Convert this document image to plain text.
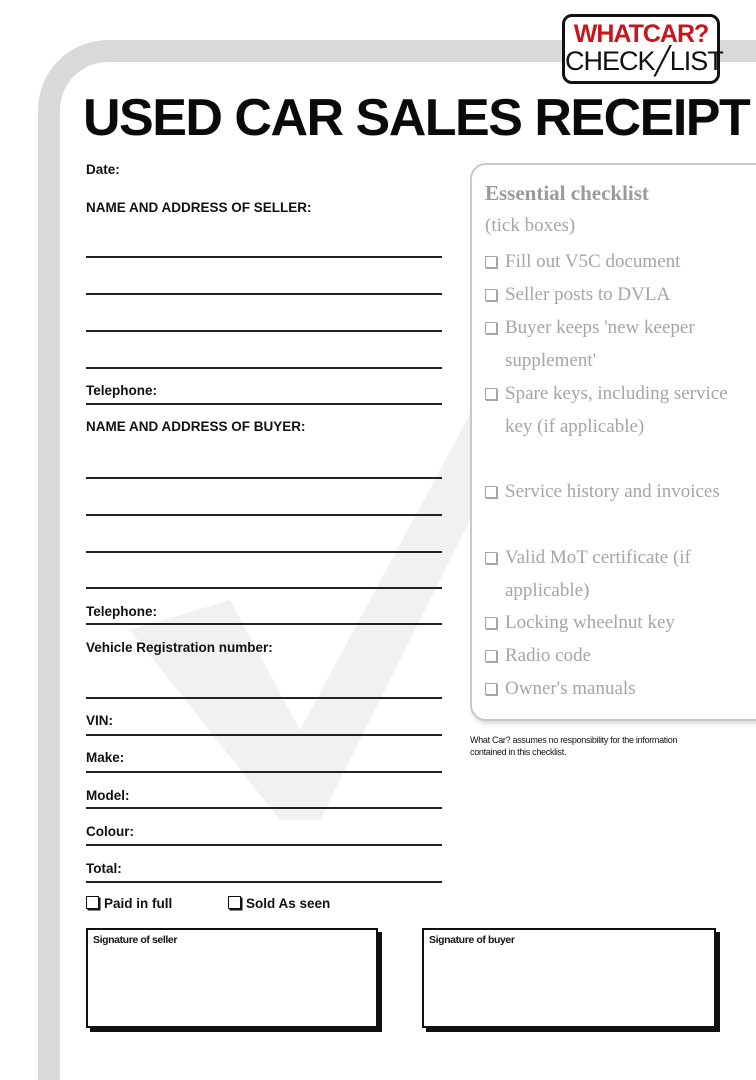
WHATCAR?
CHECK╱LIST
USED CAR SALES RECEIPT
Date:
NAME AND ADDRESS OF SELLER:
Telephone:
NAME AND ADDRESS OF BUYER:
Telephone:
Vehicle Registration number:
VIN:
Make:
Model:
Colour:
Total:
Paid in full	Sold As seen
Signature of seller	Signature of buyer
Essential checklist
(tick boxes)
Fill out V5C document
Seller posts to DVLA
Buyer keeps 'new keeper supplement'
Spare keys, including service key (if applicable)
Service history and invoices
Valid MoT certificate (if applicable)
Locking wheelnut key
Radio code
Owner's manuals
What Car? assumes no responsibility for the information contained in this checklist.
